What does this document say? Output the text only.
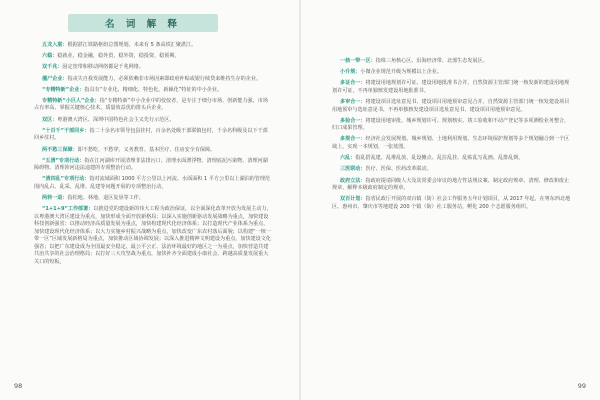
名 词 解 释
五龙入湛：根据湛江铁路枢纽总图规划，未来有 5 条高铁汇聚湛江。
六稳：稳就业，稳金融，稳外贸，稳外资，稳投资，稳预期。
双千兆：固定宽带和移动网络都是千兆网络。
僵尸企业：指丧失自我发展能力，必须依赖非市场因素即政府补贴或银行续贷来维持生存的企业。
“专精特新”企业：指具有“专业化、精细化、特色化、新颖化”特征的中小企业。
专精特新“小巨人”企业：指“专精特新”中小企业中的佼佼者，是专注于细分市场、创新能力强、市场占有率高、掌握关键核心技术、质量效益优的排头兵企业。
双区：粤港澳大湾区、深圳中国特色社会主义先行示范区。
“十百千”干部回乡：指二十余名市领导包县挂村，百余名处级干部联镇包村，千余名科级及以下干部回乡驻村。
两不愁三保障：即不愁吃、不愁穿，义务教育、基本医疗、住房安全有保障。
“五清”专项行动：指在江河湖库开展清理非法排污口、清理水面漂浮物、清理底泥污染物、清理河湖障碍物、清理涉河违法违建的专项整治行动。
“清四乱”专项行动：指对流域面积 1000 平方公里以上河流、水面面积 1 平方公里以上湖泊的管理范围内乱占、乱采、乱堆、乱建等问题开展的专项整治行动。
两转一退：指松地、林地、退区复垦等工作。
“1+1+9”工作部署：以推进党的建设新的伟大工程为政治保证，以全面深化改革开放为发展主动力，以粤港澳大湾区建设为重点，加快形成全面开放新格局；以深入实施创新驱动发展战略为重点，加快建设科技创新强省；以推动经济高质量发展为重点，加快构建现代化经济体系；以打造现代产业体系为重点，加快建设现代化经济体系；以大力实施乡村振兴战略为重点，加快改变广东农村落后面貌；以构建“一核一带一区”区域发展新格局为重点，加快推动区域协调发展；以深入推进精神文明建设为重点，加快建设文化强省；以把广东建设成为全国最安全稳定、最公平公正、法治环境最好的地区之一为重点，加快营造共建共治共享的社会治理格局；以打好三大攻坚战为重点，加快补齐全面建成小康社会、跨越高质量发展重大关口的短板。
98
一核一带一区：指珠三角核心区、沿海经济带、北部生态发展区。
小升规：小微企业规范升级为规模以上企业。
多证合一：将建设用地规划许可证、建设用地批准书合并，自然资源主管部门统一核发新的建设用地规划许可证，不再单独核发建设用地批准书。
多审合一：将建设项目选址意见书、建设项目用地预审意见合并，自然资源主管部门统一核发建设项目用地预审与选址意见书，不再单独核发建设项目选址意见书、建设项目用地预审意见。
多验合一：将建设用地审批、城乡规划许可、规划核实、竣工验收和不动产登记等多项测绘业务整合，归口成果管理。
多规合一：经济社会发展规划、城乡规划、土地利用规划、生态环境保护规划等多个规划融合到一个区域上，实现一本规划、一张蓝图。
六乱：指乱搭乱建、乱堆乱放、乱设摊点、乱拉乱挂、乱贴乱写乱画、乱排乱倒。
三医联动：医疗、医保、医药改革联动。
政府立法：指政府提请同级人大及其常委会审议的地方性法规议案、制定政府规章、清理、修改和废止规章、解释本级政府制定的规章。
双百计划：指省民政厅开展的双百镇（街）社会工作服务五年计划项目，从 2017 年起，在粤东西北地区、惠州市、肇庆市等地建设 200 个镇（街）社工服务站，孵化 200 个志愿服务组织。
99
